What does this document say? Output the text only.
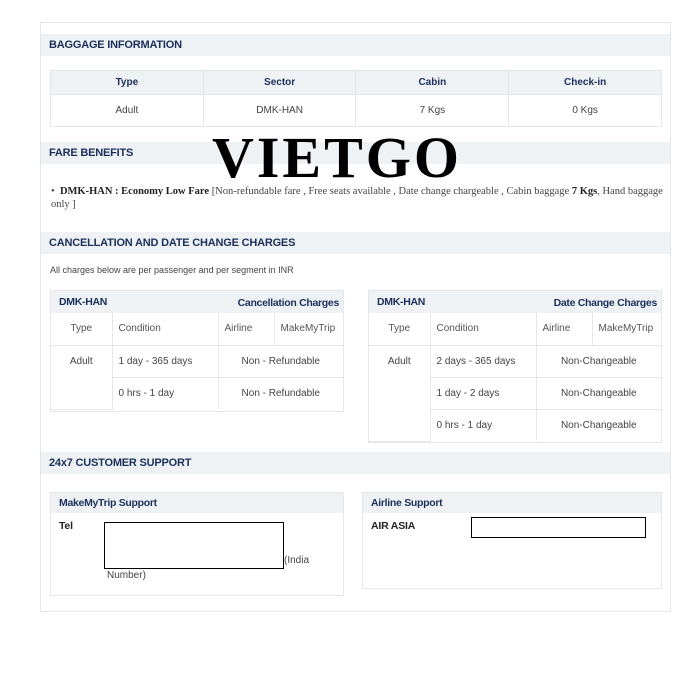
BAGGAGE INFORMATION
Type	Sector	Cabin	Check-in
Adult	DMK-HAN	7 Kgs	0 Kgs
FARE BENEFITS
• DMK-HAN : Economy Low Fare [Non-refundable fare , Free seats available , Date change chargeable , Cabin baggage 7 Kgs, Hand baggage only ]
CANCELLATION AND DATE CHANGE CHARGES
All charges below are per passenger and per segment in INR
DMK-HAN	Cancellation Charges
Type	Condition	Airline	MakeMyTrip
Adult	1 day - 365 days	Non - Refundable	
	0 hrs - 1 day	Non - Refundable	
DMK-HAN	Date Change Charges
Type	Condition	Airline	MakeMyTrip
Adult	2 days - 365 days	Non-Changeable	
	1 day - 2 days	Non-Changeable	
	0 hrs - 1 day	Non-Changeable	
24x7 CUSTOMER SUPPORT
MakeMyTrip Support
Tel
(India
Number)
Airline Support
AIR ASIA
VIETGO
